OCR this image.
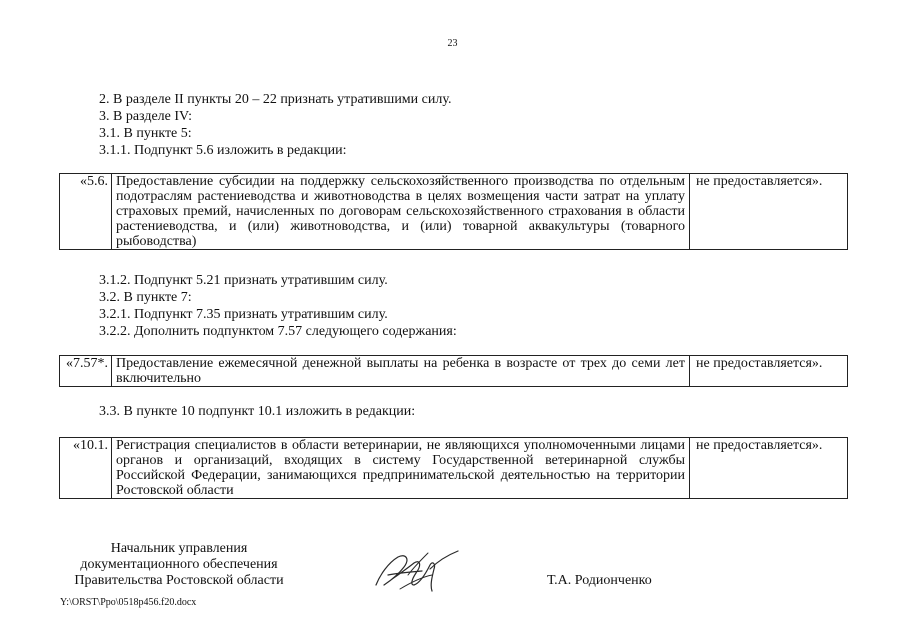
23
2. В разделе II пункты 20 – 22 признать утратившими силу.
3. В разделе IV:
3.1. В пункте 5:
3.1.1. Подпункт 5.6 изложить в редакции:
«5.6.	Предоставление субсидии на поддержку сельскохозяйственного производства по отдельным подотраслям растениеводства и животноводства в целях возмещения части затрат на уплату страховых премий, начисленных по договорам сельскохозяйственного страхования в области растениеводства, и (или) животноводства, и (или) товарной аквакультуры (товарного рыбоводства)	не предоставляется».
3.1.2. Подпункт 5.21 признать утратившим силу.
3.2. В пункте 7:
3.2.1. Подпункт 7.35 признать утратившим силу.
3.2.2. Дополнить подпунктом 7.57 следующего содержания:
«7.57*.	Предоставление ежемесячной денежной выплаты на ребенка в возрасте от трех до семи лет включительно	не предоставляется».
3.3. В пункте 10 подпункт 10.1 изложить в редакции:
«10.1.	Регистрация специалистов в области ветеринарии, не являющихся уполномоченными лицами органов и организаций, входящих в систему Государственной ветеринарной службы Российской Федерации, занимающихся предпринимательской деятельностью на территории Ростовской области	не предоставляется».
Начальник управления
документационного обеспечения
Правительства Ростовской области	Т.А. Родионченко
Y:\ORST\Ppo\0518p456.f20.docx
